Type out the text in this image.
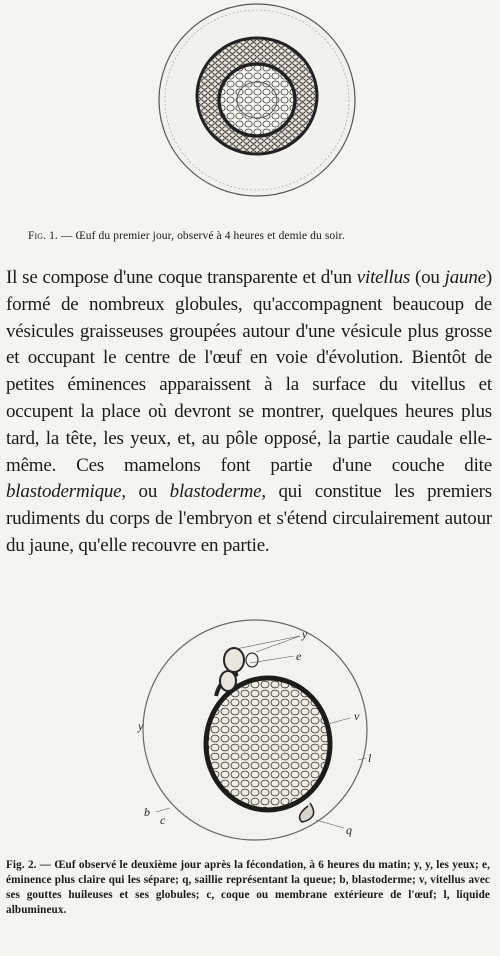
Fig. 1. — Œuf du premier jour, observé à 4 heures et demie du soir.
Il se compose d'une coque transparente et d'un vitellus (ou jaune) formé de nombreux globules, qu'accompagnent beaucoup de vésicules graisseuses groupées autour d'une vésicule plus grosse et occupant le centre de l'œuf en voie d'évolution. Bientôt de petites éminences apparaissent à la surface du vitellus et occupent la place où devront se montrer, quelques heures plus tard, la tête, les yeux, et, au pôle opposé, la partie caudale elle-même. Ces mamelons font partie d'une couche dite blastodermique, ou blastoderme, qui constitue les premiers rudiments du corps de l'embryon et s'étend circulairement autour du jaune, qu'elle recouvre en partie.
y
e
y
v
l
b
c
q
Fig. 2. — Œuf observé le deuxième jour après la fécondation, à 6 heures du matin; y, y, les yeux; e, éminence plus claire qui les sépare; q, saillie représentant la queue; b, blastoderme; v, vitellus avec ses gouttes huileuses et ses globules; c, coque ou membrane extérieure de l'œuf; l, liquide albumineux.
